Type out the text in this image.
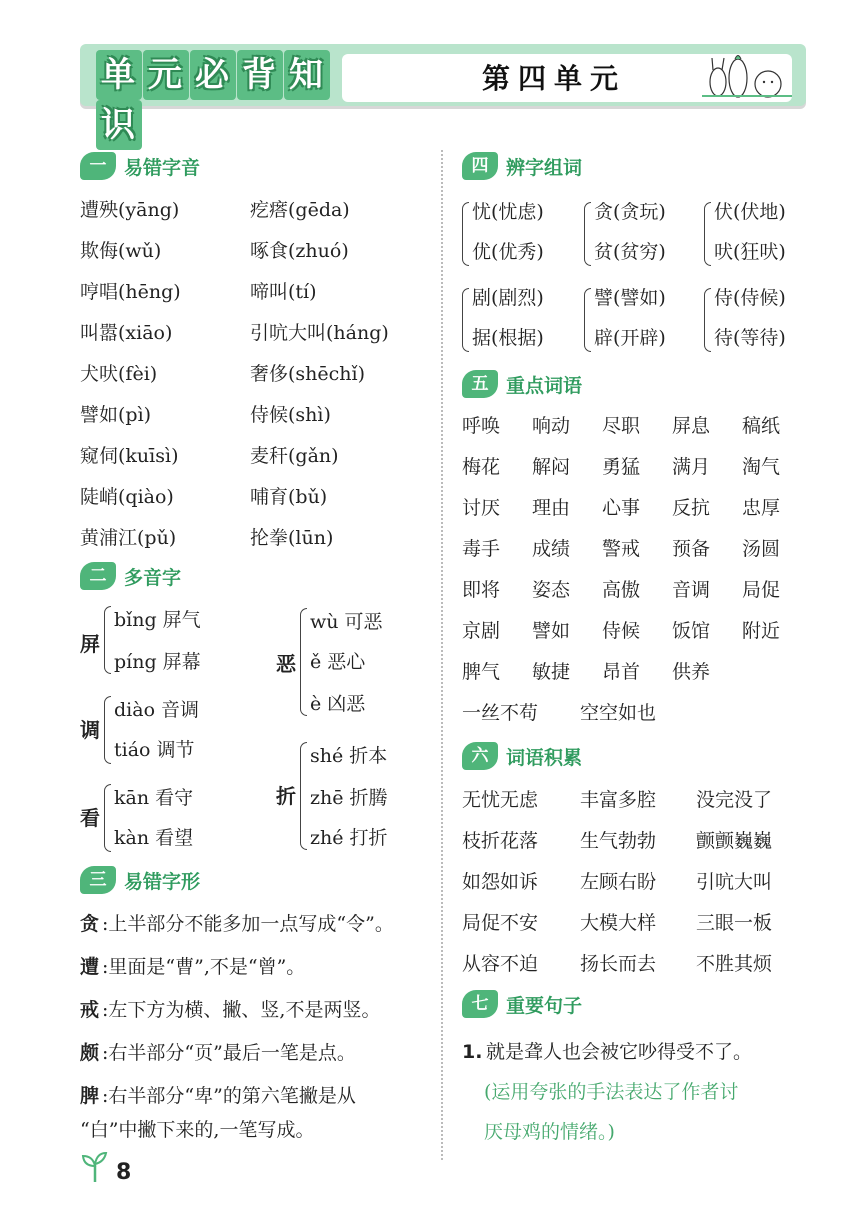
单 元 必 背 知识
第四单元
一 易错字音
遭殃(yāng)
欺侮(wǔ)
哼唱(hēng)
叫嚣(xiāo)
犬吠(fèi)
譬如(pì)
窥伺(kuīsì)
陡峭(qiào)
黄浦江(pǔ)
疙瘩(gēda)
啄食(zhuó)
啼叫(tí)
引吭大叫(háng)
奢侈(shēchǐ)
侍候(shì)
麦秆(gǎn)
哺育(bǔ)
抡拳(lūn)
二 多音字
屏
bǐng 屏气
píng 屏幕
调
diào 音调
tiáo 调节
看
kān 看守
kàn 看望
恶
wù 可恶
ě 恶心
è 凶恶
折
shé 折本
zhē 折腾
zhé 打折
三 易错字形
贪 :上半部分不能多加一点写成“令”。
遭 :里面是“曹”,不是“曾”。
戒 :左下方为横、撇、竖,不是两竖。
颇 :右半部分“页”最后一笔是点。
脾 :右半部分“卑”的第六笔撇是从
“白”中撇下来的,一笔写成。
四 辨字组词
忧(忧虑)
优(优秀)
贪(贪玩)
贫(贫穷)
伏(伏地)
吠(狂吠)
剧(剧烈)
据(根据)
譬(譬如)
辟(开辟)
侍(侍候)
待(等待)
五 重点词语
呼唤 响动 尽职 屏息 稿纸
梅花 解闷 勇猛 满月 淘气
讨厌 理由 心事 反抗 忠厚
毒手 成绩 警戒 预备 汤圆
即将 姿态 高傲 音调 局促
京剧 譬如 侍候 饭馆 附近
脾气 敏捷 昂首 供养
一丝不苟 空空如也
六 词语积累
无忧无虑 丰富多腔 没完没了
枝折花落 生气勃勃 颤颤巍巍
如怨如诉 左顾右盼 引吭大叫
局促不安 大模大样 三眼一板
从容不迫 扬长而去 不胜其烦
七 重要句子
1. 就是聋人也会被它吵得受不了。
(运用夸张的手法表达了作者讨
厌母鸡的情绪。)
8
